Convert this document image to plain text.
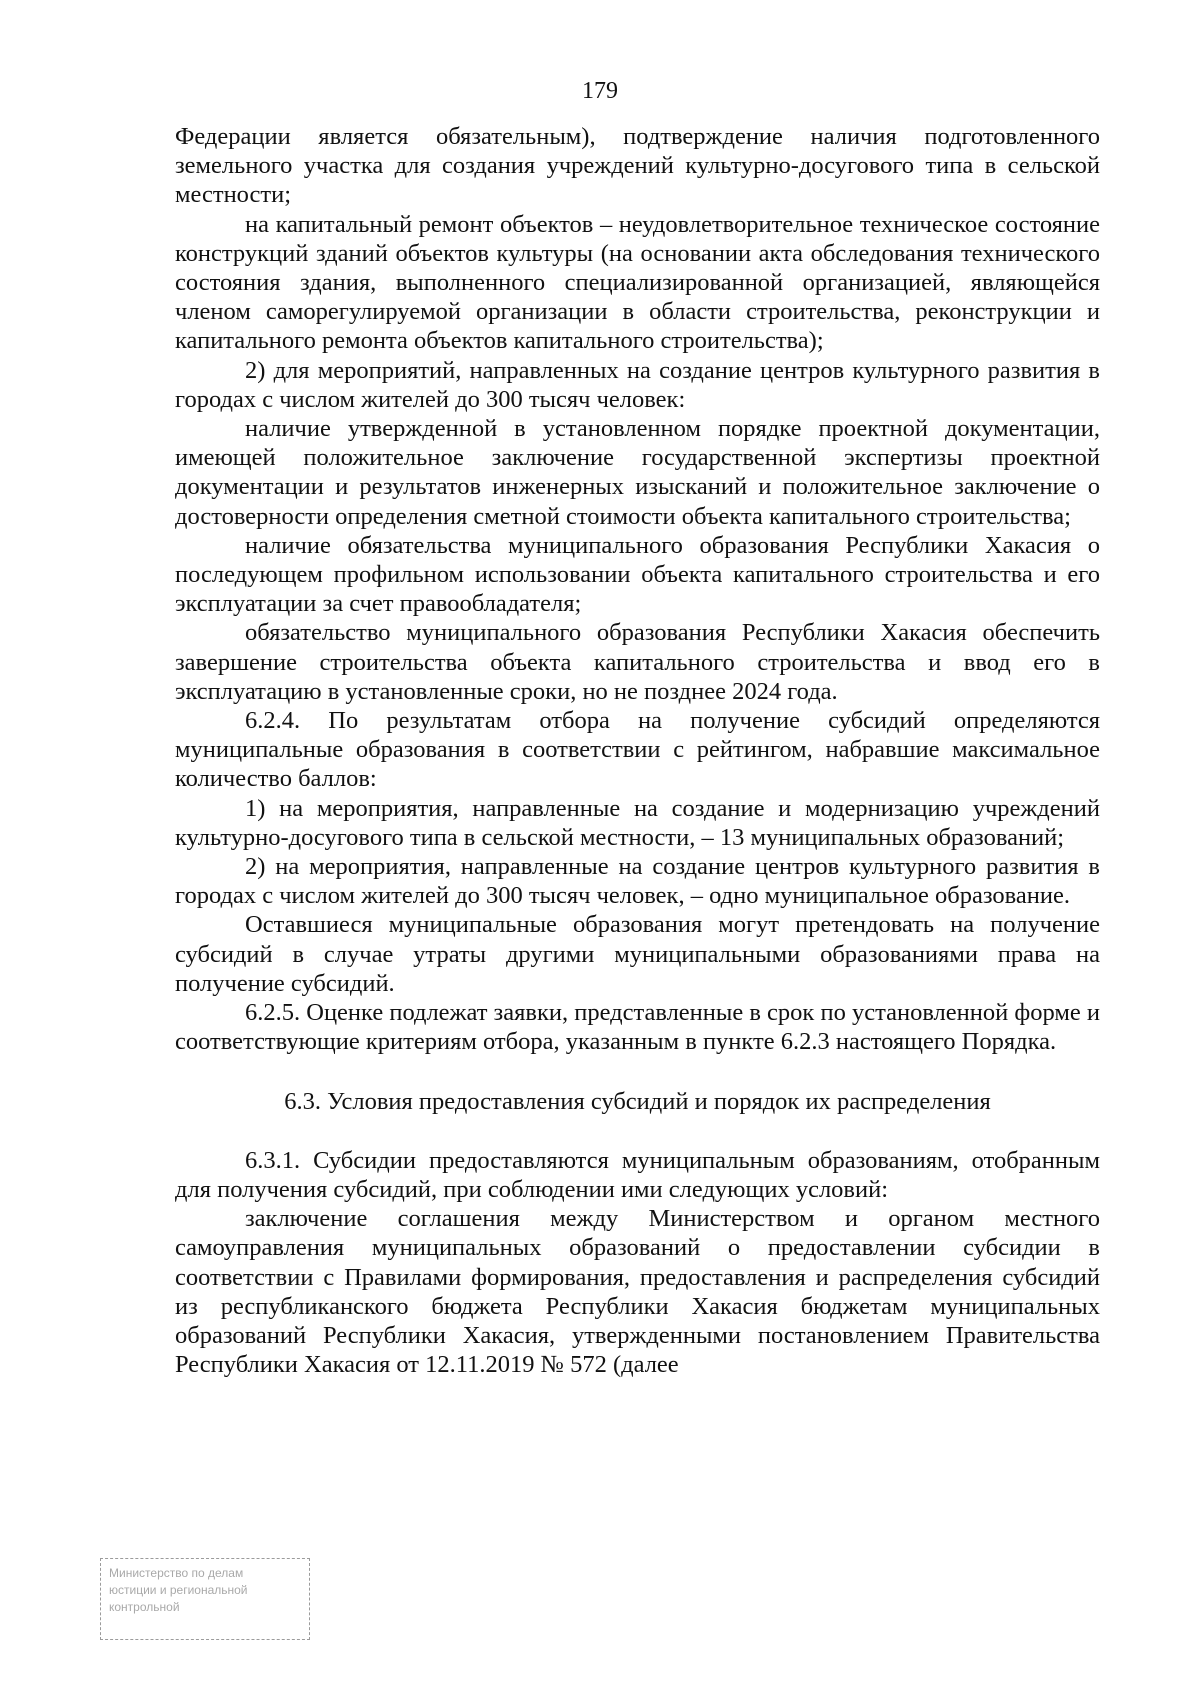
179

Федерации является обязательным), подтверждение наличия подготовленного земельного участка для создания учреждений культурно-досугового типа в сельской местности;

на капитальный ремонт объектов – неудовлетворительное техническое состояние конструкций зданий объектов культуры (на основании акта обследования технического состояния здания, выполненного специализированной организацией, являющейся членом саморегулируемой организации в области строительства, реконструкции и капитального ремонта объектов капитального строительства);

2) для мероприятий, направленных на создание центров культурного развития в городах с числом жителей до 300 тысяч человек:

наличие утвержденной в установленном порядке проектной документации, имеющей положительное заключение государственной экспертизы проектной документации и результатов инженерных изысканий и положительное заключение о достоверности определения сметной стоимости объекта капитального строительства;

наличие обязательства муниципального образования Республики Хакасия о последующем профильном использовании объекта капитального строительства и его эксплуатации за счет правообладателя;

обязательство муниципального образования Республики Хакасия обеспечить завершение строительства объекта капитального строительства и ввод его в эксплуатацию в установленные сроки, но не позднее 2024 года.

6.2.4. По результатам отбора на получение субсидий определяются муниципальные образования в соответствии с рейтингом, набравшие максимальное количество баллов:

1) на мероприятия, направленные на создание и модернизацию учреждений культурно-досугового типа в сельской местности, – 13 муниципальных образований;

2) на мероприятия, направленные на создание центров культурного развития в городах с числом жителей до 300 тысяч человек, – одно муниципальное образование.

Оставшиеся муниципальные образования могут претендовать на получение субсидий в случае утраты другими муниципальными образованиями права на получение субсидий.

6.2.5. Оценке подлежат заявки, представленные в срок по установленной форме и соответствующие критериям отбора, указанным в пункте 6.2.3 настоящего Порядка.

6.3. Условия предоставления субсидий и порядок их распределения

6.3.1. Субсидии предоставляются муниципальным образованиям, отобранным для получения субсидий, при соблюдении ими следующих условий:

заключение соглашения между Министерством и органом местного самоуправления муниципальных образований о предоставлении субсидии в соответствии с Правилами формирования, предоставления и распределения субсидий из республиканского бюджета Республики Хакасия бюджетам муниципальных образований Республики Хакасия, утвержденными постановлением Правительства Республики Хакасия от 12.11.2019 № 572 (далее

Министерство по делам
юстиции и региональной
контрольной
